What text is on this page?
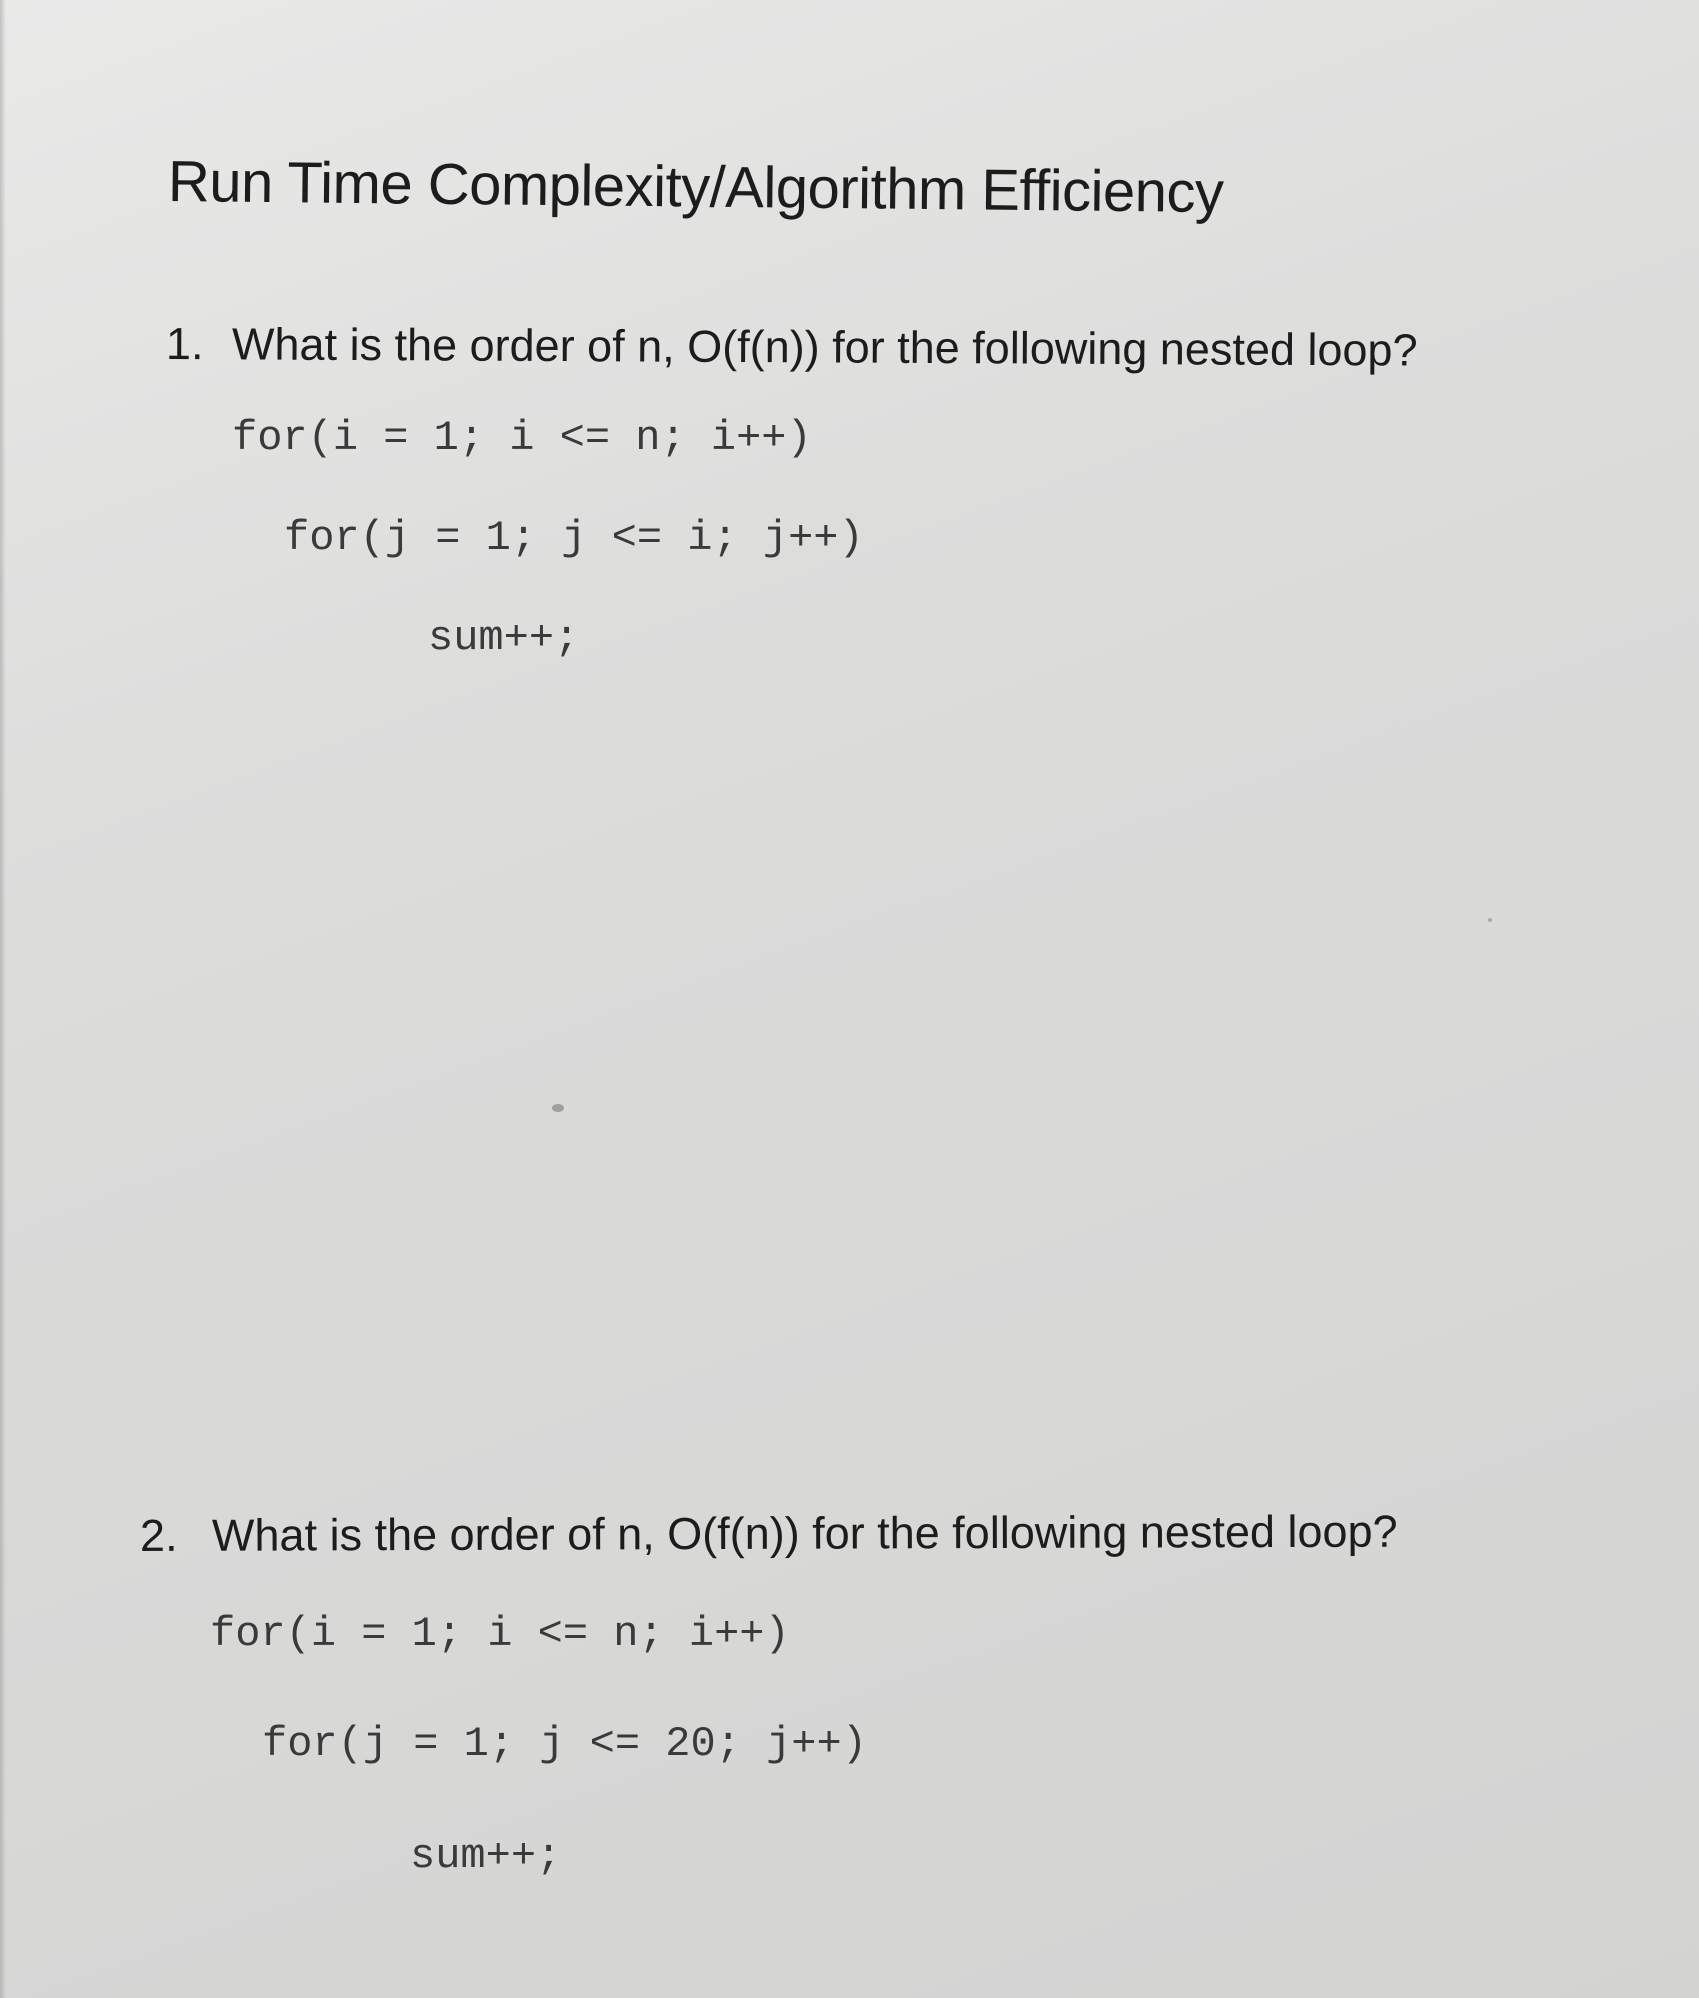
Run Time Complexity/Algorithm Efficiency
1. What is the order of n, O(f(n)) for the following nested loop?
for(i = 1; i <= n; i++)
for(j = 1; j <= i; j++)
sum++;
2. What is the order of n, O(f(n)) for the following nested loop?
for(i = 1; i <= n; i++)
for(j = 1; j <= 20; j++)
sum++;
